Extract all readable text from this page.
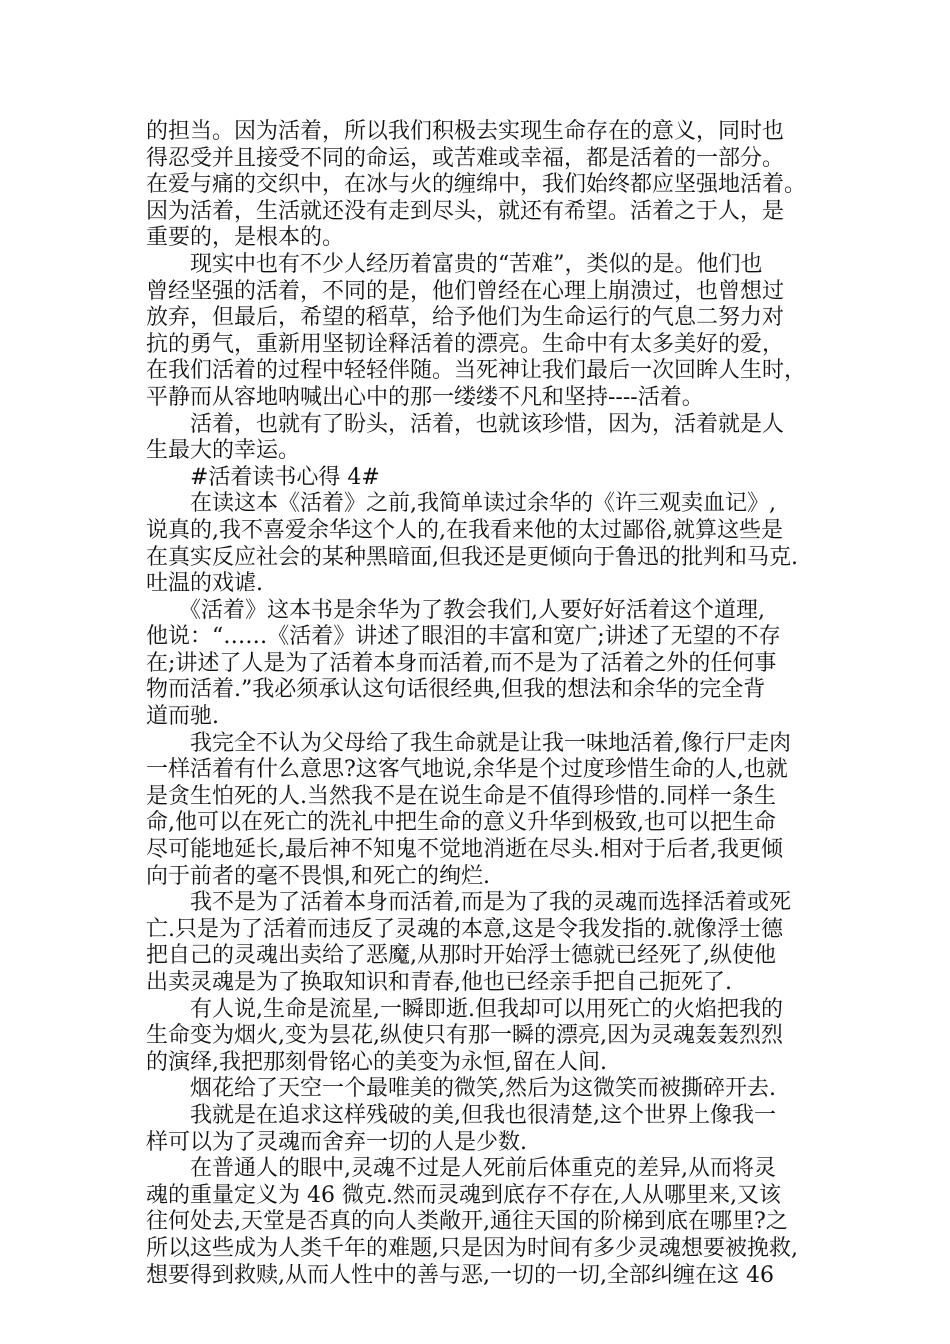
的担当。因为活着，所以我们积极去实现生命存在的意义，同时也
得忍受并且接受不同的命运，或苦难或幸福，都是活着的一部分。
在爱与痛的交织中，在冰与火的缠绵中，我们始终都应坚强地活着。
因为活着，生活就还没有走到尽头，就还有希望。活着之于人，是
重要的，是根本的。
　　现实中也有不少人经历着富贵的“苦难”，类似的是。他们也
曾经坚强的活着，不同的是，他们曾经在心理上崩溃过，也曾想过
放弃，但最后，希望的稻草，给予他们为生命运行的气息二努力对
抗的勇气，重新用坚韧诠释活着的漂亮。生命中有太多美好的爱，
在我们活着的过程中轻轻伴随。当死神让我们最后一次回眸人生时，
平静而从容地呐喊出心中的那一缕缕不凡和坚持----活着。
　　活着，也就有了盼头，活着，也就该珍惜，因为，活着就是人
生最大的幸运。
　　#活着读书心得 4#
　　在读这本《活着》之前,我简单读过余华的《许三观卖血记》,
说真的,我不喜爱余华这个人的,在我看来他的太过鄙俗,就算这些是
在真实反应社会的某种黑暗面,但我还是更倾向于鲁迅的批判和马克.
吐温的戏谑.
　　《活着》这本书是余华为了教会我们,人要好好活着这个道理,
他说：“……《活着》讲述了眼泪的丰富和宽广;讲述了无望的不存
在;讲述了人是为了活着本身而活着,而不是为了活着之外的任何事
物而活着.”我必须承认这句话很经典,但我的想法和余华的完全背
道而驰.
　　我完全不认为父母给了我生命就是让我一味地活着,像行尸走肉
一样活着有什么意思?这客气地说,余华是个过度珍惜生命的人,也就
是贪生怕死的人.当然我不是在说生命是不值得珍惜的.同样一条生
命,他可以在死亡的洗礼中把生命的意义升华到极致,也可以把生命
尽可能地延长,最后神不知鬼不觉地消逝在尽头.相对于后者,我更倾
向于前者的毫不畏惧,和死亡的绚烂.
　　我不是为了活着本身而活着,而是为了我的灵魂而选择活着或死
亡.只是为了活着而违反了灵魂的本意,这是令我发指的.就像浮士德
把自己的灵魂出卖给了恶魔,从那时开始浮士德就已经死了,纵使他
出卖灵魂是为了换取知识和青春,他也已经亲手把自己扼死了.
　　有人说,生命是流星,一瞬即逝.但我却可以用死亡的火焰把我的
生命变为烟火,变为昙花,纵使只有那一瞬的漂亮,因为灵魂轰轰烈烈
的演绎,我把那刻骨铭心的美变为永恒,留在人间.
　　烟花给了天空一个最唯美的微笑,然后为这微笑而被撕碎开去.
　　我就是在追求这样残破的美,但我也很清楚,这个世界上像我一
样可以为了灵魂而舍弃一切的人是少数.
　　在普通人的眼中,灵魂不过是人死前后体重克的差异,从而将灵
魂的重量定义为 46 微克.然而灵魂到底存不存在,人从哪里来,又该
往何处去,天堂是否真的向人类敞开,通往天国的阶梯到底在哪里?之
所以这些成为人类千年的难题,只是因为时间有多少灵魂想要被挽救,
想要得到救赎,从而人性中的善与恶,一切的一切,全部纠缠在这 46
